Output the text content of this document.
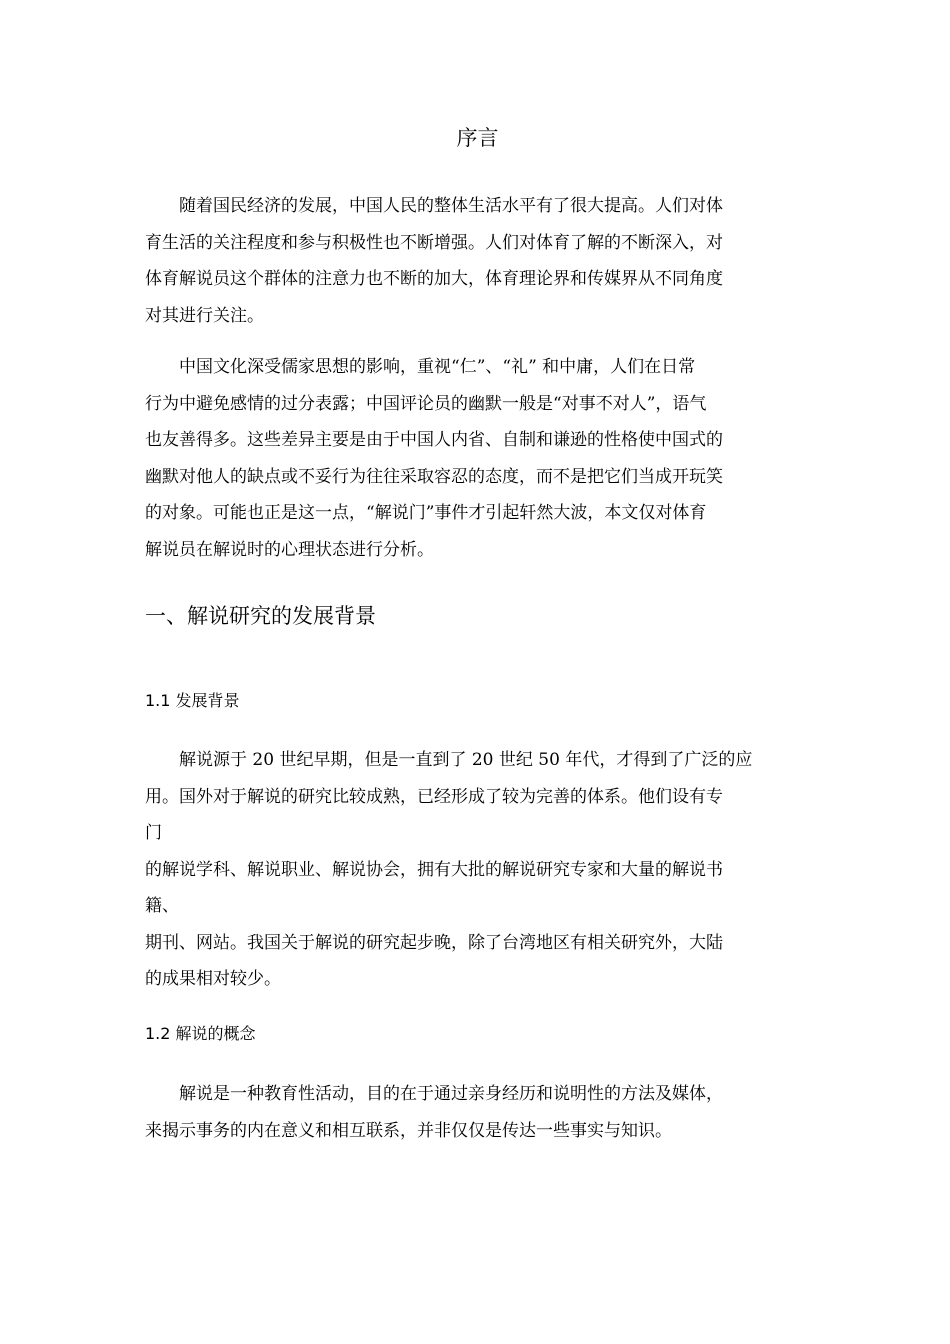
序言
随着国民经济的发展，中国人民的整体生活水平有了很大提高。人们对体
育生活的关注程度和参与积极性也不断增强。人们对体育了解的不断深入，对
体育解说员这个群体的注意力也不断的加大，体育理论界和传媒界从不同角度
对其进行关注。
中国文化深受儒家思想的影响，重视“仁”、“礼” 和中庸，人们在日常
行为中避免感情的过分表露；中国评论员的幽默一般是“对事不对人”，语气
也友善得多。这些差异主要是由于中国人内省、自制和谦逊的性格使中国式的
幽默对他人的缺点或不妥行为往往采取容忍的态度，而不是把它们当成开玩笑
的对象。可能也正是这一点，“解说门”事件才引起轩然大波，本文仅对体育
解说员在解说时的心理状态进行分析。
一、解说研究的发展背景
1.1 发展背景
解说源于 20 世纪早期，但是一直到了 20 世纪 50 年代，才得到了广泛的应
用。国外对于解说的研究比较成熟，已经形成了较为完善的体系。他们设有专
门
的解说学科、解说职业、解说协会，拥有大批的解说研究专家和大量的解说书
籍、
期刊、网站。我国关于解说的研究起步晚，除了台湾地区有相关研究外，大陆
的成果相对较少。
1.2 解说的概念
解说是一种教育性活动，目的在于通过亲身经历和说明性的方法及媒体，
来揭示事务的内在意义和相互联系，并非仅仅是传达一些事实与知识。
